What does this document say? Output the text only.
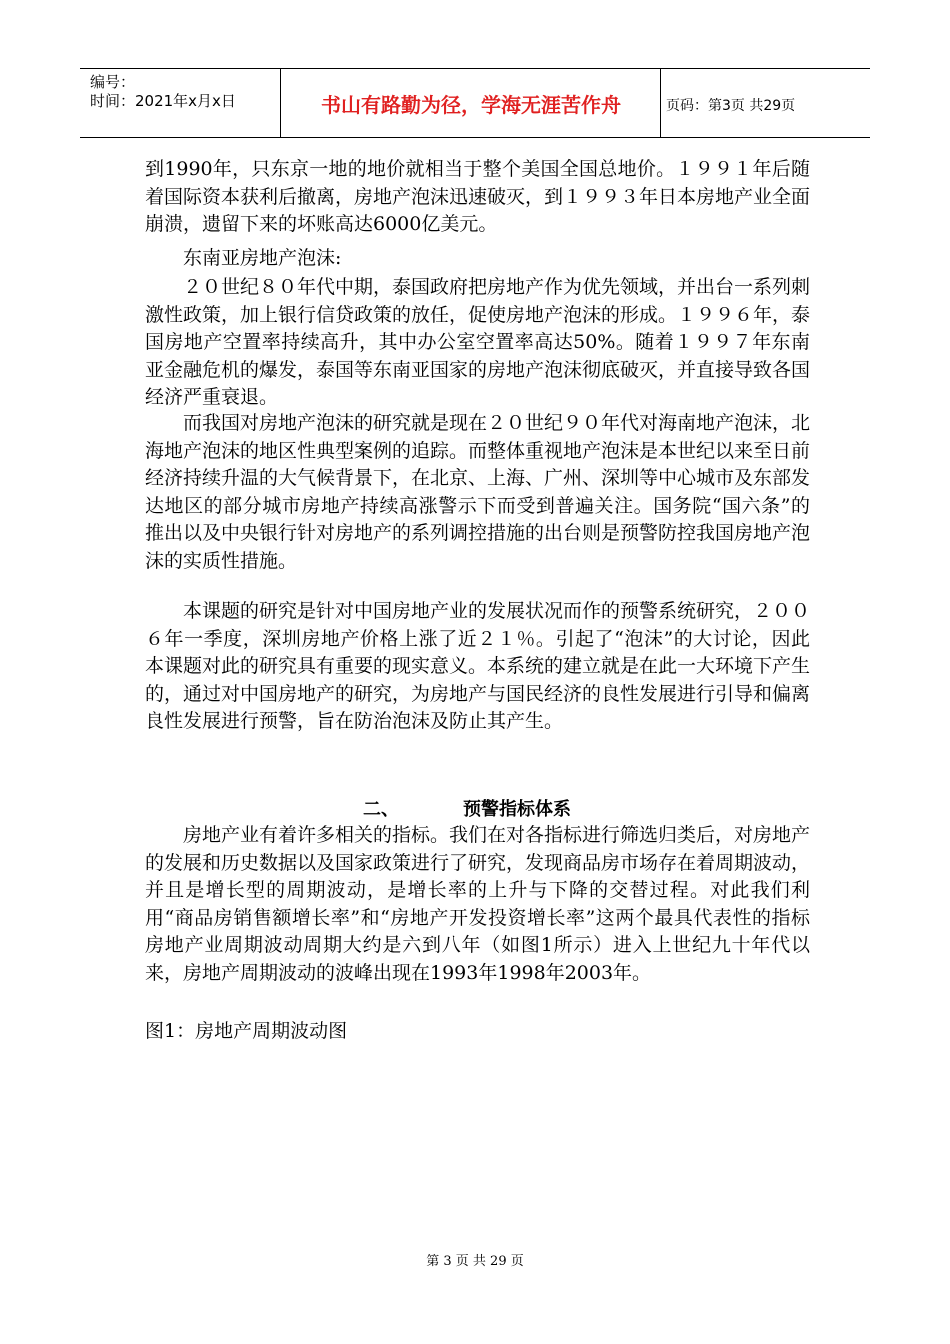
编号：
时间：2021年x月x日	书山有路勤为径，学海无涯苦作舟	页码：第3页 共29页
到1990年，只东京一地的地价就相当于整个美国全国总地价。１９９１年后随着国际资本获利后撤离，房地产泡沫迅速破灭，到１９９３年日本房地产业全面崩溃，遗留下来的坏账高达6000亿美元。
东南亚房地产泡沫:
２０世纪８０年代中期，泰国政府把房地产作为优先领域，并出台一系列刺激性政策，加上银行信贷政策的放任，促使房地产泡沫的形成。１９９６年，泰国房地产空置率持续高升，其中办公室空置率高达50%。随着１９９７年东南亚金融危机的爆发，泰国等东南亚国家的房地产泡沫彻底破灭，并直接导致各国经济严重衰退。
而我国对房地产泡沫的研究就是现在２０世纪９０年代对海南地产泡沫，北海地产泡沫的地区性典型案例的追踪。而整体重视地产泡沫是本世纪以来至日前经济持续升温的大气候背景下，在北京、上海、广州、深圳等中心城市及东部发达地区的部分城市房地产持续高涨警示下而受到普遍关注。国务院“国六条”的推出以及中央银行针对房地产的系列调控措施的出台则是预警防控我国房地产泡沫的实质性措施。
本课题的研究是针对中国房地产业的发展状况而作的预警系统研究，２００６年一季度，深圳房地产价格上涨了近２１％。引起了“泡沫”的大讨论，因此本课题对此的研究具有重要的现实意义。本系统的建立就是在此一大环境下产生的，通过对中国房地产的研究，为房地产与国民经济的良性发展进行引导和偏离良性发展进行预警，旨在防治泡沫及防止其产生。
二、	预警指标体系
房地产业有着许多相关的指标。我们在对各指标进行筛选归类后，对房地产的发展和历史数据以及国家政策进行了研究，发现商品房市场存在着周期波动，并且是增长型的周期波动，是增长率的上升与下降的交替过程。对此我们利用“商品房销售额增长率”和“房地产开发投资增长率”这两个最具代表性的指标房地产业周期波动周期大约是六到八年（如图1所示）进入上世纪九十年代以来，房地产周期波动的波峰出现在1993年1998年2003年。
图1：房地产周期波动图
第 3 页 共 29 页
